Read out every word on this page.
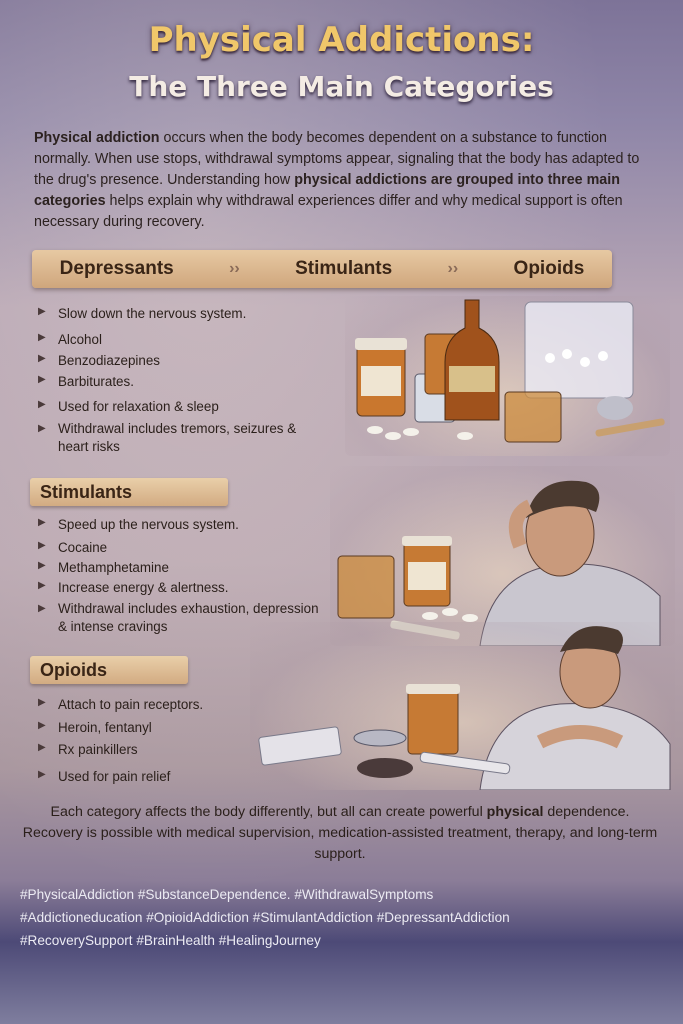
Physical Addictions:
The Three Main Categories
Physical addiction occurs when the body becomes dependent on a substance to function normally. When use stops, withdrawal symptoms appear, signaling that the body has adapted to the drug's presence. Understanding how physical addictions are grouped into three main categories helps explain why withdrawal experiences differ and why medical support is often necessary during recovery.
Depressants	››	Stimulants	››	Opioids
▶ Slow down the nervous system.
▶ Alcohol
▶ Benzodiazepines
▶ Barbiturates.
▶ Used for relaxation & sleep
▶ Withdrawal includes tremors, seizures & heart risks
Stimulants
▶ Speed up the nervous system.
▶ Cocaine
▶ Methamphetamine
▶ Increase energy & alertness.
▶ Withdrawal includes exhaustion, depression & intense cravings
Opioids
▶ Attach to pain receptors.
▶ Heroin, fentanyl
▶ Rx painkillers
▶ Used for pain relief
Each category affects the body differently, but all can create powerful physical dependence. Recovery is possible with medical supervision, medication-assisted treatment, therapy, and long-term support.
#PhysicalAddiction #SubstanceDependence. #WithdrawalSymptoms
#Addictioneducation #OpioidAddiction #StimulantAddiction #DepressantAddiction
#RecoverySupport #BrainHealth #HealingJourney
